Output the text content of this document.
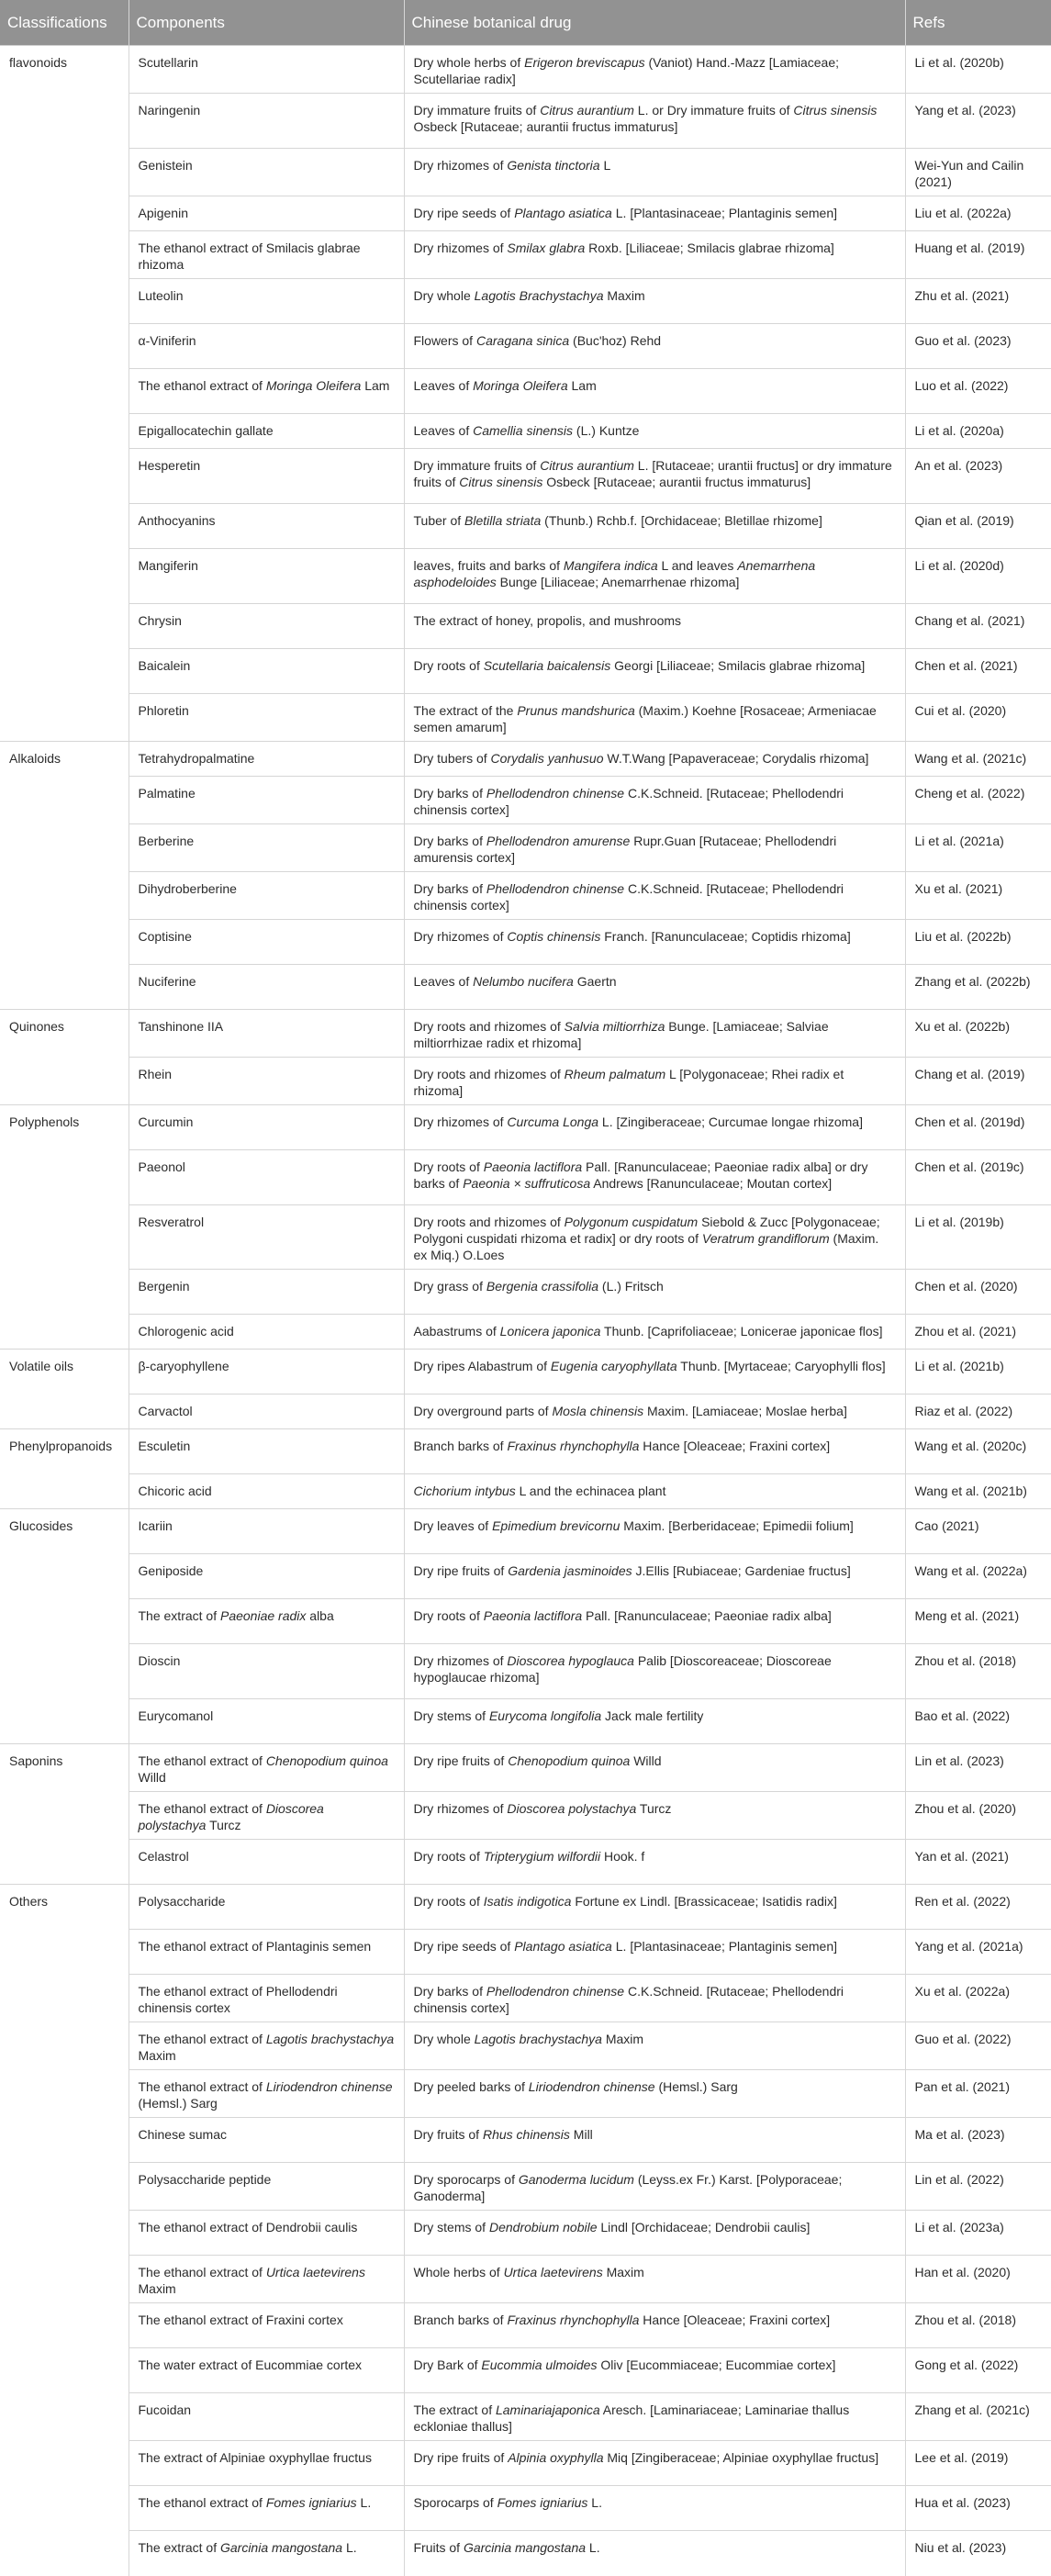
Classifications	Components	Chinese botanical drug	Refs
flavonoids	Scutellarin	Dry whole herbs of Erigeron breviscapus (Vaniot) Hand.-Mazz [Lamiaceae; Scutellariae radix]	Li et al. (2020b)
	Naringenin	Dry immature fruits of Citrus aurantium L. or Dry immature fruits of Citrus sinensis Osbeck [Rutaceae; aurantii fructus immaturus]	Yang et al. (2023)
	Genistein	Dry rhizomes of Genista tinctoria L	Wei-Yun and Cailin (2021)
	Apigenin	Dry ripe seeds of Plantago asiatica L. [Plantasinaceae; Plantaginis semen]	Liu et al. (2022a)
	The ethanol extract of Smilacis glabrae rhizoma	Dry rhizomes of Smilax glabra Roxb. [Liliaceae; Smilacis glabrae rhizoma]	Huang et al. (2019)
	Luteolin	Dry whole Lagotis Brachystachya Maxim	Zhu et al. (2021)
	α-Viniferin	Flowers of Caragana sinica (Buc'hoz) Rehd	Guo et al. (2023)
	The ethanol extract of Moringa Oleifera Lam	Leaves of Moringa Oleifera Lam	Luo et al. (2022)
	Epigallocatechin gallate	Leaves of Camellia sinensis (L.) Kuntze	Li et al. (2020a)
	Hesperetin	Dry immature fruits of Citrus aurantium L. [Rutaceae; urantii fructus] or dry immature fruits of Citrus sinensis Osbeck [Rutaceae; aurantii fructus immaturus]	An et al. (2023)
	Anthocyanins	Tuber of Bletilla striata (Thunb.) Rchb.f. [Orchidaceae; Bletillae rhizome]	Qian et al. (2019)
	Mangiferin	leaves, fruits and barks of Mangifera indica L and leaves Anemarrhena asphodeloides Bunge [Liliaceae; Anemarrhenae rhizoma]	Li et al. (2020d)
	Chrysin	The extract of honey, propolis, and mushrooms	Chang et al. (2021)
	Baicalein	Dry roots of Scutellaria baicalensis Georgi [Liliaceae; Smilacis glabrae rhizoma]	Chen et al. (2021)
	Phloretin	The extract of the Prunus mandshurica (Maxim.) Koehne [Rosaceae; Armeniacae semen amarum]	Cui et al. (2020)
Alkaloids	Tetrahydropalmatine	Dry tubers of Corydalis yanhusuo W.T.Wang [Papaveraceae; Corydalis rhizoma]	Wang et al. (2021c)
	Palmatine	Dry barks of Phellodendron chinense C.K.Schneid. [Rutaceae; Phellodendri chinensis cortex]	Cheng et al. (2022)
	Berberine	Dry barks of Phellodendron amurense Rupr.Guan [Rutaceae; Phellodendri amurensis cortex]	Li et al. (2021a)
	Dihydroberberine	Dry barks of Phellodendron chinense C.K.Schneid. [Rutaceae; Phellodendri chinensis cortex]	Xu et al. (2021)
	Coptisine	Dry rhizomes of Coptis chinensis Franch. [Ranunculaceae; Coptidis rhizoma]	Liu et al. (2022b)
	Nuciferine	Leaves of Nelumbo nucifera Gaertn	Zhang et al. (2022b)
Quinones	Tanshinone IIA	Dry roots and rhizomes of Salvia miltiorrhiza Bunge. [Lamiaceae; Salviae miltiorrhizae radix et rhizoma]	Xu et al. (2022b)
	Rhein	Dry roots and rhizomes of Rheum palmatum L [Polygonaceae; Rhei radix et rhizoma]	Chang et al. (2019)
Polyphenols	Curcumin	Dry rhizomes of Curcuma Longa L. [Zingiberaceae; Curcumae longae rhizoma]	Chen et al. (2019d)
	Paeonol	Dry roots of Paeonia lactiflora Pall. [Ranunculaceae; Paeoniae radix alba] or dry barks of Paeonia × suffruticosa Andrews [Ranunculaceae; Moutan cortex]	Chen et al. (2019c)
	Resveratrol	Dry roots and rhizomes of Polygonum cuspidatum Siebold & Zucc [Polygonaceae; Polygoni cuspidati rhizoma et radix] or dry roots of Veratrum grandiflorum (Maxim. ex Miq.) O.Loes	Li et al. (2019b)
	Bergenin	Dry grass of Bergenia crassifolia (L.) Fritsch	Chen et al. (2020)
	Chlorogenic acid	Aabastrums of Lonicera japonica Thunb. [Caprifoliaceae; Lonicerae japonicae flos]	Zhou et al. (2021)
Volatile oils	β-caryophyllene	Dry ripes Alabastrum of Eugenia caryophyllata Thunb. [Myrtaceae; Caryophylli flos]	Li et al. (2021b)
	Carvactol	Dry overground parts of Mosla chinensis Maxim. [Lamiaceae; Moslae herba]	Riaz et al. (2022)
Phenylpropanoids	Esculetin	Branch barks of Fraxinus rhynchophylla Hance [Oleaceae; Fraxini cortex]	Wang et al. (2020c)
	Chicoric acid	Cichorium intybus L and the echinacea plant	Wang et al. (2021b)
Glucosides	Icariin	Dry leaves of Epimedium brevicornu Maxim. [Berberidaceae; Epimedii folium]	Cao (2021)
	Geniposide	Dry ripe fruits of Gardenia jasminoides J.Ellis [Rubiaceae; Gardeniae fructus]	Wang et al. (2022a)
	The extract of Paeoniae radix alba	Dry roots of Paeonia lactiflora Pall. [Ranunculaceae; Paeoniae radix alba]	Meng et al. (2021)
	Dioscin	Dry rhizomes of Dioscorea hypoglauca Palib [Dioscoreaceae; Dioscoreae hypoglaucae rhizoma]	Zhou et al. (2018)
	Eurycomanol	Dry stems of Eurycoma longifolia Jack male fertility	Bao et al. (2022)
Saponins	The ethanol extract of Chenopodium quinoa Willd	Dry ripe fruits of Chenopodium quinoa Willd	Lin et al. (2023)
	The ethanol extract of Dioscorea polystachya Turcz	Dry rhizomes of Dioscorea polystachya Turcz	Zhou et al. (2020)
	Celastrol	Dry roots of Tripterygium wilfordii Hook. f	Yan et al. (2021)
Others	Polysaccharide	Dry roots of Isatis indigotica Fortune ex Lindl. [Brassicaceae; Isatidis radix]	Ren et al. (2022)
	The ethanol extract of Plantaginis semen	Dry ripe seeds of Plantago asiatica L. [Plantasinaceae; Plantaginis semen]	Yang et al. (2021a)
	The ethanol extract of Phellodendri chinensis cortex	Dry barks of Phellodendron chinense C.K.Schneid. [Rutaceae; Phellodendri chinensis cortex]	Xu et al. (2022a)
	The ethanol extract of Lagotis brachystachya Maxim	Dry whole Lagotis brachystachya Maxim	Guo et al. (2022)
	The ethanol extract of Liriodendron chinense (Hemsl.) Sarg	Dry peeled barks of Liriodendron chinense (Hemsl.) Sarg	Pan et al. (2021)
	Chinese sumac	Dry fruits of Rhus chinensis Mill	Ma et al. (2023)
	Polysaccharide peptide	Dry sporocarps of Ganoderma lucidum (Leyss.ex Fr.) Karst. [Polyporaceae; Ganoderma]	Lin et al. (2022)
	The ethanol extract of Dendrobii caulis	Dry stems of Dendrobium nobile Lindl [Orchidaceae; Dendrobii caulis]	Li et al. (2023a)
	The ethanol extract of Urtica laetevirens Maxim	Whole herbs of Urtica laetevirens Maxim	Han et al. (2020)
	The ethanol extract of Fraxini cortex	Branch barks of Fraxinus rhynchophylla Hance [Oleaceae; Fraxini cortex]	Zhou et al. (2018)
	The water extract of Eucommiae cortex	Dry Bark of Eucommia ulmoides Oliv [Eucommiaceae; Eucommiae cortex]	Gong et al. (2022)
	Fucoidan	The extract of Laminariajaponica Aresch. [Laminariaceae; Laminariae thallus eckloniae thallus]	Zhang et al. (2021c)
	The extract of Alpiniae oxyphyllae fructus	Dry ripe fruits of Alpinia oxyphylla Miq [Zingiberaceae; Alpiniae oxyphyllae fructus]	Lee et al. (2019)
	The ethanol extract of Fomes igniarius L.	Sporocarps of Fomes igniarius L.	Hua et al. (2023)
	The extract of Garcinia mangostana L.	Fruits of Garcinia mangostana L.	Niu et al. (2023)
